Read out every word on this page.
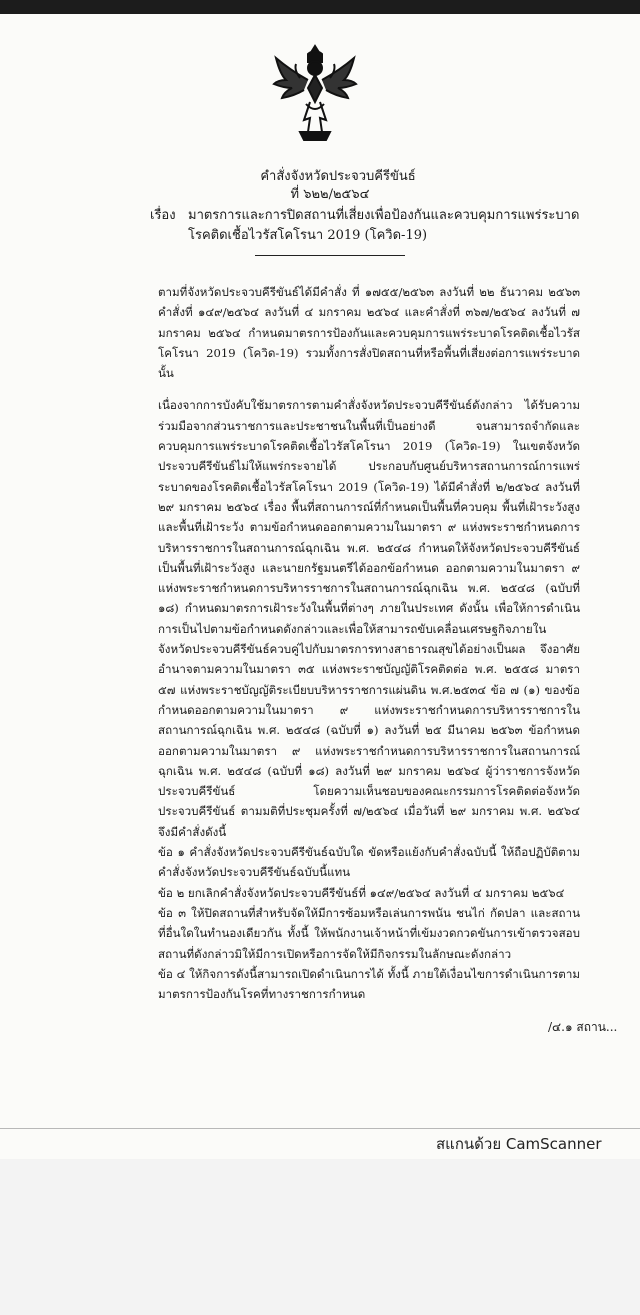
คำสั่งจังหวัดประจวบคีรีขันธ์
ที่ ๖๒๒/๒๕๖๔
เรื่อง มาตรการและการปิดสถานที่เสี่ยงเพื่อป้องกันและควบคุมการแพร่ระบาด
โรคติดเชื้อไวรัสโคโรนา 2019 (โควิด-19)

ตามที่จังหวัดประจวบคีรีขันธ์ได้มีคำสั่ง ที่ ๑๗๕๕/๒๕๖๓ ลงวันที่ ๒๒ ธันวาคม ๒๕๖๓ คำสั่งที่ ๑๔๙/๒๕๖๔ ลงวันที่ ๔ มกราคม ๒๕๖๔ และคำสั่งที่ ๓๖๗/๒๕๖๔ ลงวันที่ ๗ มกราคม ๒๕๖๔ กำหนดมาตรการป้องกันและควบคุมการแพร่ระบาดโรคติดเชื้อไวรัสโคโรนา 2019 (โควิด-19) รวมทั้งการสั่งปิดสถานที่หรือพื้นที่เสี่ยงต่อการแพร่ระบาด นั้น

เนื่องจากการบังคับใช้มาตรการตามคำสั่งจังหวัดประจวบคีรีขันธ์ดังกล่าว ได้รับความร่วมมือจากส่วนราชการและประชาชนในพื้นที่เป็นอย่างดี จนสามารถจำกัดและควบคุมการแพร่ระบาดโรคติดเชื้อไวรัสโคโรนา 2019 (โควิด-19) ในเขตจังหวัดประจวบคีรีขันธ์ไม่ให้แพร่กระจายได้ ประกอบกับศูนย์บริหารสถานการณ์การแพร่ระบาดของโรคติดเชื้อไวรัสโคโรนา 2019 (โควิด-19) ได้มีคำสั่งที่ ๒/๒๕๖๔ ลงวันที่ ๒๙ มกราคม ๒๕๖๔ เรื่อง พื้นที่สถานการณ์ที่กำหนดเป็นพื้นที่ควบคุม พื้นที่เฝ้าระวังสูงและพื้นที่เฝ้าระวัง ตามข้อกำหนดออกตามความในมาตรา ๙ แห่งพระราชกำหนดการบริหารราชการในสถานการณ์ฉุกเฉิน พ.ศ. ๒๕๔๘ กำหนดให้จังหวัดประจวบคีรีขันธ์เป็นพื้นที่เฝ้าระวังสูง และนายกรัฐมนตรีได้ออกข้อกำหนด ออกตามความในมาตรา ๙ แห่งพระราชกำหนดการบริหารราชการในสถานการณ์ฉุกเฉิน พ.ศ. ๒๕๔๘ (ฉบับที่ ๑๘) กำหนดมาตรการเฝ้าระวังในพื้นที่ต่างๆ ภายในประเทศ ดังนั้น เพื่อให้การดำเนินการเป็นไปตามข้อกำหนดดังกล่าวและเพื่อให้สามารถขับเคลื่อนเศรษฐกิจภายในจังหวัดประจวบคีรีขันธ์ควบคู่ไปกับมาตรการทางสาธารณสุขได้อย่างเป็นผล จึงอาศัยอำนาจตามความในมาตรา ๓๕ แห่งพระราชบัญญัติโรคติดต่อ พ.ศ. ๒๕๕๘ มาตรา ๕๗ แห่งพระราชบัญญัติระเบียบบริหารราชการแผ่นดิน พ.ศ.๒๕๓๔ ข้อ ๗ (๑) ของข้อกำหนดออกตามความในมาตรา ๙ แห่งพระราชกำหนดการบริหารราชการในสถานการณ์ฉุกเฉิน พ.ศ. ๒๕๔๘ (ฉบับที่ ๑) ลงวันที่ ๒๕ มีนาคม ๒๕๖๓ ข้อกำหนดออกตามความในมาตรา ๙ แห่งพระราชกำหนดการบริหารราชการในสถานการณ์ฉุกเฉิน พ.ศ. ๒๕๔๘ (ฉบับที่ ๑๘) ลงวันที่ ๒๙ มกราคม ๒๕๖๔ ผู้ว่าราชการจังหวัดประจวบคีรีขันธ์ โดยความเห็นชอบของคณะกรรมการโรคติดต่อจังหวัดประจวบคีรีขันธ์ ตามมติที่ประชุมครั้งที่ ๗/๒๕๖๔ เมื่อวันที่ ๒๙ มกราคม พ.ศ. ๒๕๖๔ จึงมีคำสั่งดังนี้

ข้อ ๑ คำสั่งจังหวัดประจวบคีรีขันธ์ฉบับใด ขัดหรือแย้งกับคำสั่งฉบับนี้ ให้ถือปฏิบัติตามคำสั่งจังหวัดประจวบคีรีขันธ์ฉบับนี้แทน

ข้อ ๒ ยกเลิกคำสั่งจังหวัดประจวบคีรีขันธ์ที่ ๑๔๙/๒๕๖๔ ลงวันที่ ๔ มกราคม ๒๕๖๔

ข้อ ๓ ให้ปิดสถานที่สำหรับจัดให้มีการซ้อมหรือเล่นการพนัน ชนไก่ กัดปลา และสถานที่อื่นใดในทำนองเดียวกัน ทั้งนี้ ให้พนักงานเจ้าหน้าที่เข้มงวดกวดขันการเข้าตรวจสอบสถานที่ดังกล่าวมิให้มีการเปิดหรือการจัดให้มีกิจกรรมในลักษณะดังกล่าว

ข้อ ๔ ให้กิจการดังนี้สามารถเปิดดำเนินการได้ ทั้งนี้ ภายใต้เงื่อนไขการดำเนินการตามมาตรการป้องกันโรคที่ทางราชการกำหนด

/๔.๑ สถาน...
สแกนด้วย CamScanner
